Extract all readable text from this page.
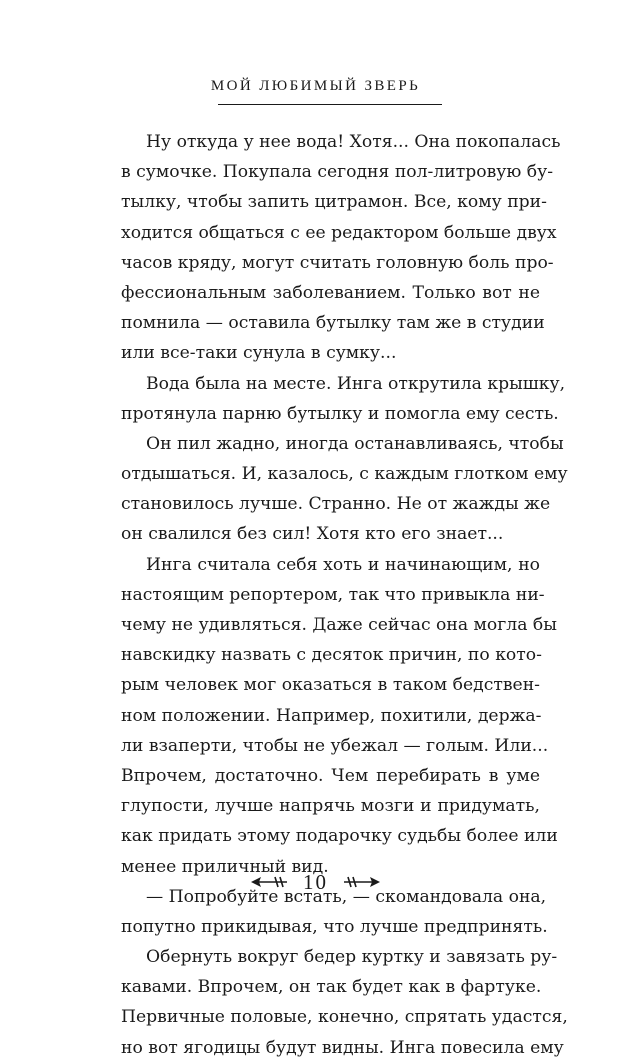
МОЙ ЛЮБИМЫЙ ЗВЕРЬ
Ну откуда у нее вода! Хотя... Она покопалась
в сумочке. Покупала сегодня пол-литровую бу-
тылку, чтобы запить цитрамон. Все, кому при-
ходится общаться с ее редактором больше двух
часов кряду, могут считать головную боль про-
фессиональным заболеванием. Только вот не
помнила — оставила бутылку там же в студии
или все-таки сунула в сумку...
Вода была на месте. Инга открутила крышку,
протянула парню бутылку и помогла ему сесть.
Он пил жадно, иногда останавливаясь, чтобы
отдышаться. И, казалось, с каждым глотком ему
становилось лучше. Странно. Не от жажды же
он свалился без сил! Хотя кто его знает...
Инга считала себя хоть и начинающим, но
настоящим репортером, так что привыкла ни-
чему не удивляться. Даже сейчас она могла бы
навскидку назвать с десяток причин, по кото-
рым человек мог оказаться в таком бедствен-
ном положении. Например, похитили, держа-
ли взаперти, чтобы не убежал — голым. Или...
Впрочем, достаточно. Чем перебирать в уме
глупости, лучше напрячь мозги и придумать,
как придать этому подарочку судьбы более или
менее приличный вид.
— Попробуйте встать, — скомандовала она,
попутно прикидывая, что лучше предпринять.
Обернуть вокруг бедер куртку и завязать ру-
кавами. Впрочем, он так будет как в фартуке.
Первичные половые, конечно, спрятать удастся,
но вот ягодицы будут видны. Инга повесила ему
10
